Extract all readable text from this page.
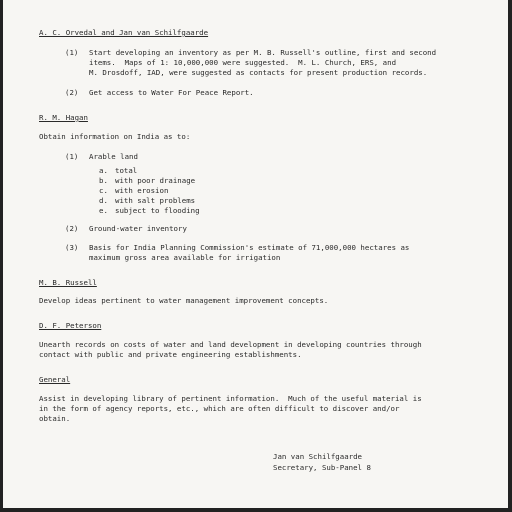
A. C. Orvedal and Jan van Schilfgaarde
(1) Start developing an inventory as per M. B. Russell's outline, first and second
items.  Maps of 1: 10,000,000 were suggested.  M. L. Church, ERS, and
M. Drosdoff, IAD, were suggested as contacts for present production records.
(2) Get access to Water For Peace Report.
R. M. Hagan
Obtain information on India as to:
(1) Arable land
a. total
b. with poor drainage
c. with erosion
d. with salt problems
e. subject to flooding
(2) Ground-water inventory
(3) Basis for India Planning Commission's estimate of 71,000,000 hectares as
maximum gross area available for irrigation
M. B. Russell
Develop ideas pertinent to water management improvement concepts.
D. F. Peterson
Unearth records on costs of water and land development in developing countries through
contact with public and private engineering establishments.
General
Assist in developing library of pertinent information.  Much of the useful material is
in the form of agency reports, etc., which are often difficult to discover and/or
obtain.
Jan van Schilfgaarde
Secretary, Sub-Panel 8
